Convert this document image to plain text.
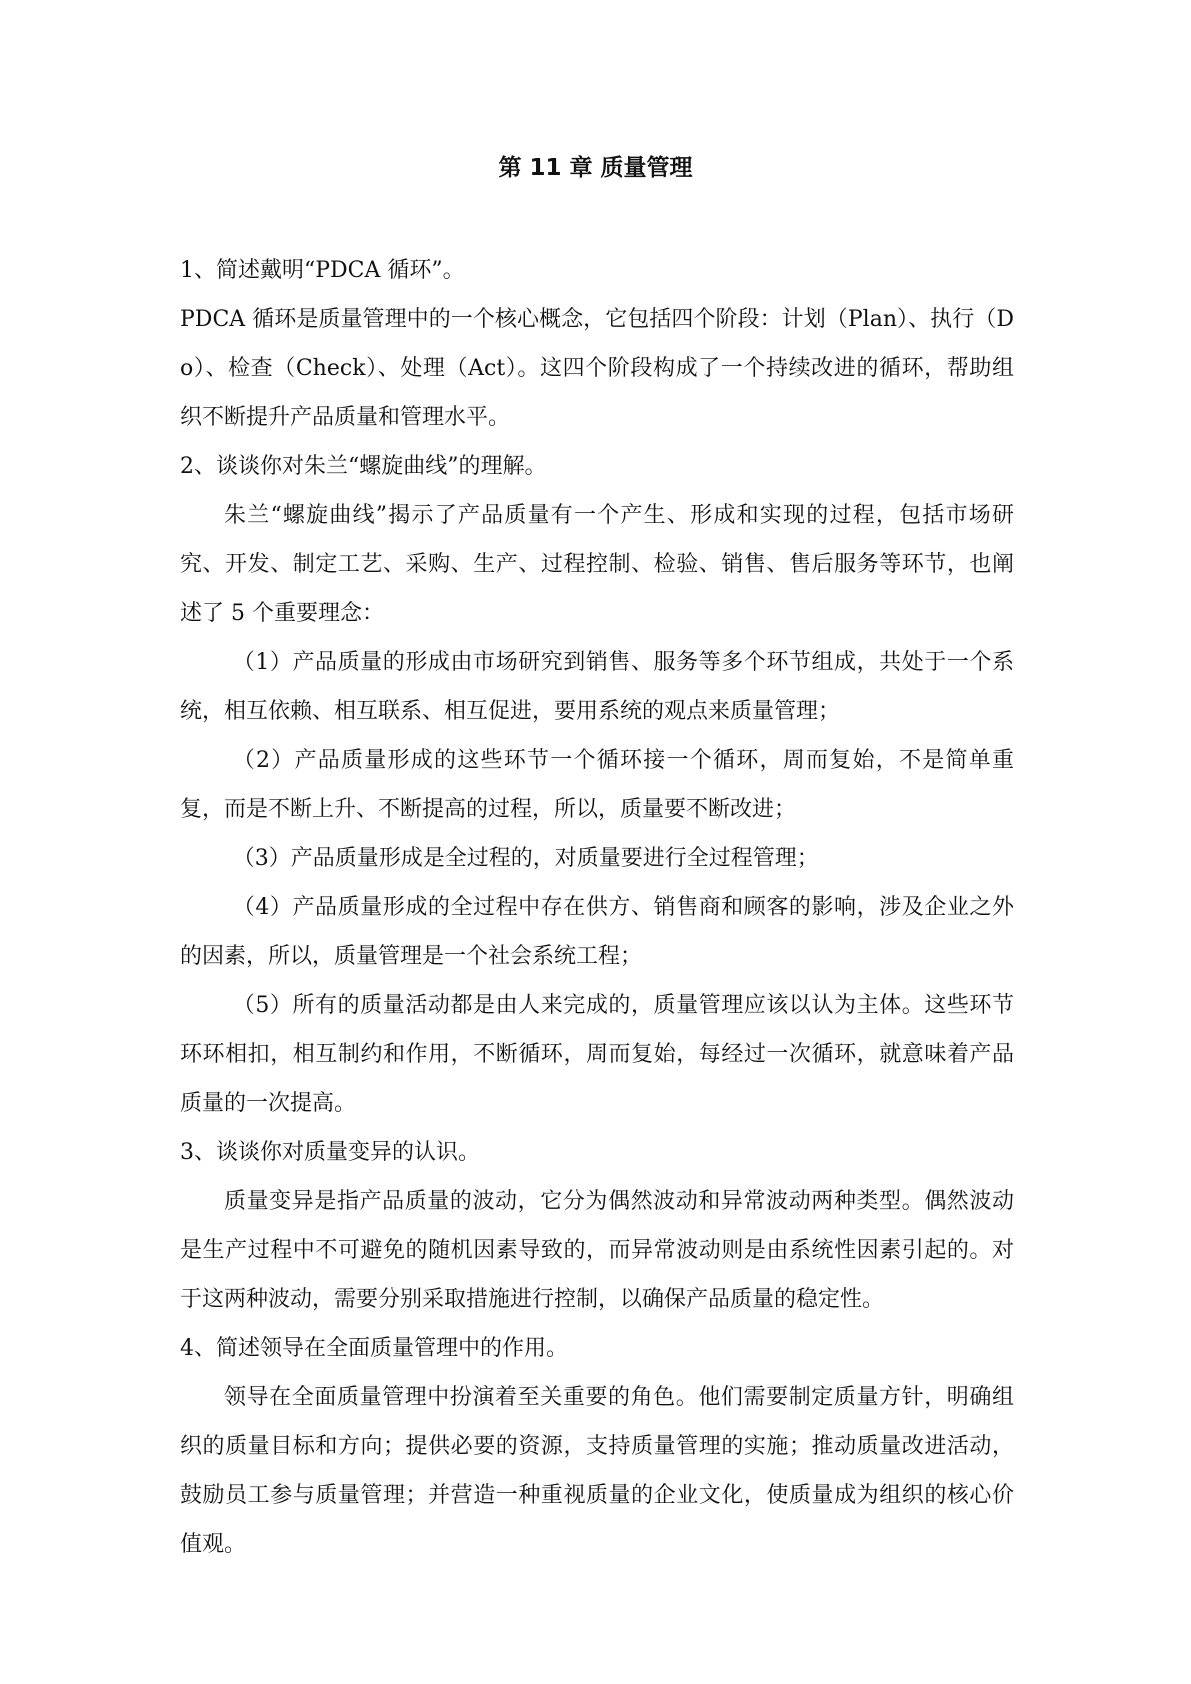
第 11 章 质量管理

1、简述戴明“PDCA 循环”。

PDCA 循环是质量管理中的一个核心概念，它包括四个阶段：计划（Plan）、执行（Do）、检查（Check）、处理（Act）。这四个阶段构成了一个持续改进的循环，帮助组织不断提升产品质量和管理水平。

2、谈谈你对朱兰“螺旋曲线”的理解。

朱兰“螺旋曲线”揭示了产品质量有一个产生、形成和实现的过程，包括市场研究、开发、制定工艺、采购、生产、过程控制、检验、销售、售后服务等环节，也阐述了 5 个重要理念：

（1）产品质量的形成由市场研究到销售、服务等多个环节组成，共处于一个系统，相互依赖、相互联系、相互促进，要用系统的观点来质量管理；

（2）产品质量形成的这些环节一个循环接一个循环，周而复始，不是简单重复，而是不断上升、不断提高的过程，所以，质量要不断改进；

（3）产品质量形成是全过程的，对质量要进行全过程管理；

（4）产品质量形成的全过程中存在供方、销售商和顾客的影响，涉及企业之外的因素，所以，质量管理是一个社会系统工程；

（5）所有的质量活动都是由人来完成的，质量管理应该以认为主体。这些环节环环相扣，相互制约和作用，不断循环，周而复始，每经过一次循环，就意味着产品质量的一次提高。

3、谈谈你对质量变异的认识。

质量变异是指产品质量的波动，它分为偶然波动和异常波动两种类型。偶然波动是生产过程中不可避免的随机因素导致的，而异常波动则是由系统性因素引起的。对于这两种波动，需要分别采取措施进行控制，以确保产品质量的稳定性。

4、简述领导在全面质量管理中的作用。

领导在全面质量管理中扮演着至关重要的角色。他们需要制定质量方针，明确组织的质量目标和方向；提供必要的资源，支持质量管理的实施；推动质量改进活动，鼓励员工参与质量管理；并营造一种重视质量的企业文化，使质量成为组织的核心价值观。
